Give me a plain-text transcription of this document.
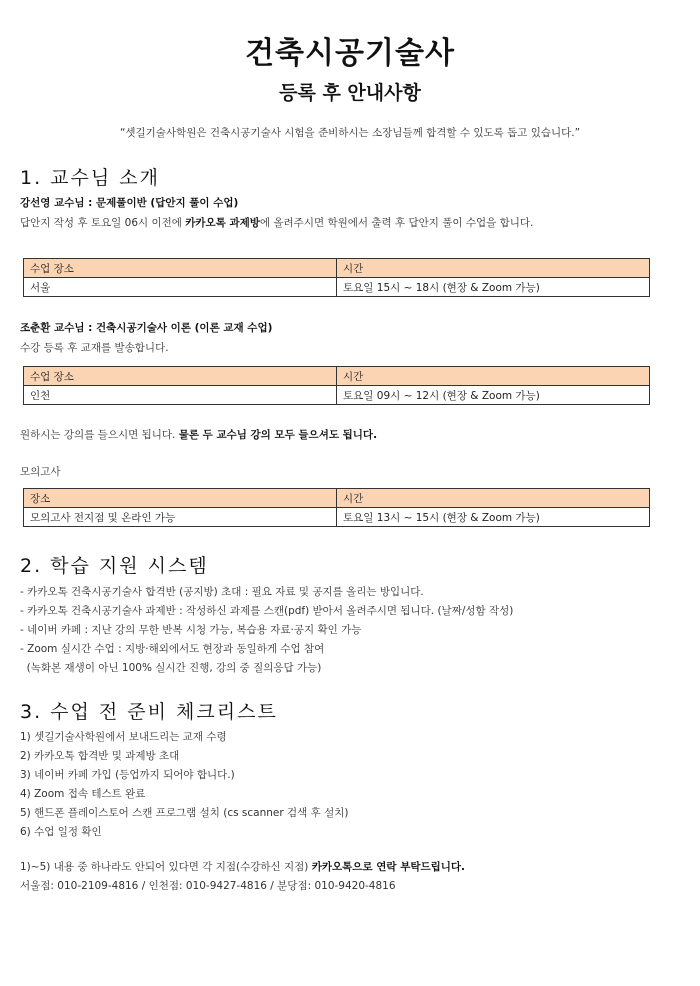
건축시공기술사
등록 후 안내사항
“셋길기술사학원은 건축시공기술사 시험을 준비하시는 소장님들께 합격할 수 있도록 돕고 있습니다.”
1. 교수님 소개
강선영 교수님 : 문제풀이반 (답안지 풀이 수업)
답안지 작성 후 토요일 06시 이전에 카카오톡 과제방에 올려주시면 학원에서 출력 후 답안지 풀이 수업을 합니다.
수업 장소	시간
서울	토요일 15시 ~ 18시 (현장 & Zoom 가능)
조춘환 교수님 : 건축시공기술사 이론 (이론 교재 수업)
수강 등록 후 교재를 발송합니다.
수업 장소	시간
인천	토요일 09시 ~ 12시 (현장 & Zoom 가능)
원하시는 강의를 들으시면 됩니다. 물론 두 교수님 강의 모두 들으셔도 됩니다.
모의고사
장소	시간
모의고사 전지점 및 온라인 가능	토요일 13시 ~ 15시 (현장 & Zoom 가능)
2. 학습 지원 시스템
- 카카오톡 건축시공기술사 합격반 (공지방) 초대 : 필요 자료 및 공지를 올리는 방입니다.
- 카카오톡 건축시공기술사 과제반 : 작성하신 과제를 스캔(pdf) 받아서 올려주시면 됩니다. (날짜/성함 작성)
- 네이버 카페 : 지난 강의 무한 반복 시청 가능, 복습용 자료·공지 확인 가능
- Zoom 실시간 수업 : 지방·해외에서도 현장과 동일하게 수업 참여
(녹화본 재생이 아닌 100% 실시간 진행, 강의 중 질의응답 가능)
3. 수업 전 준비 체크리스트
1) 셋길기술사학원에서 보내드리는 교재 수령
2) 카카오톡 합격반 및 과제방 초대
3) 네이버 카페 가입 (등업까지 되어야 합니다.)
4) Zoom 접속 테스트 완료
5) 핸드폰 플레이스토어 스캔 프로그램 설치 (cs scanner 검색 후 설치)
6) 수업 일정 확인
1)~5) 내용 중 하나라도 안되어 있다면 각 지점(수강하신 지점) 카카오톡으로 연락 부탁드립니다.
서울점: 010-2109-4816 / 인천점: 010-9427-4816 / 분당점: 010-9420-4816
